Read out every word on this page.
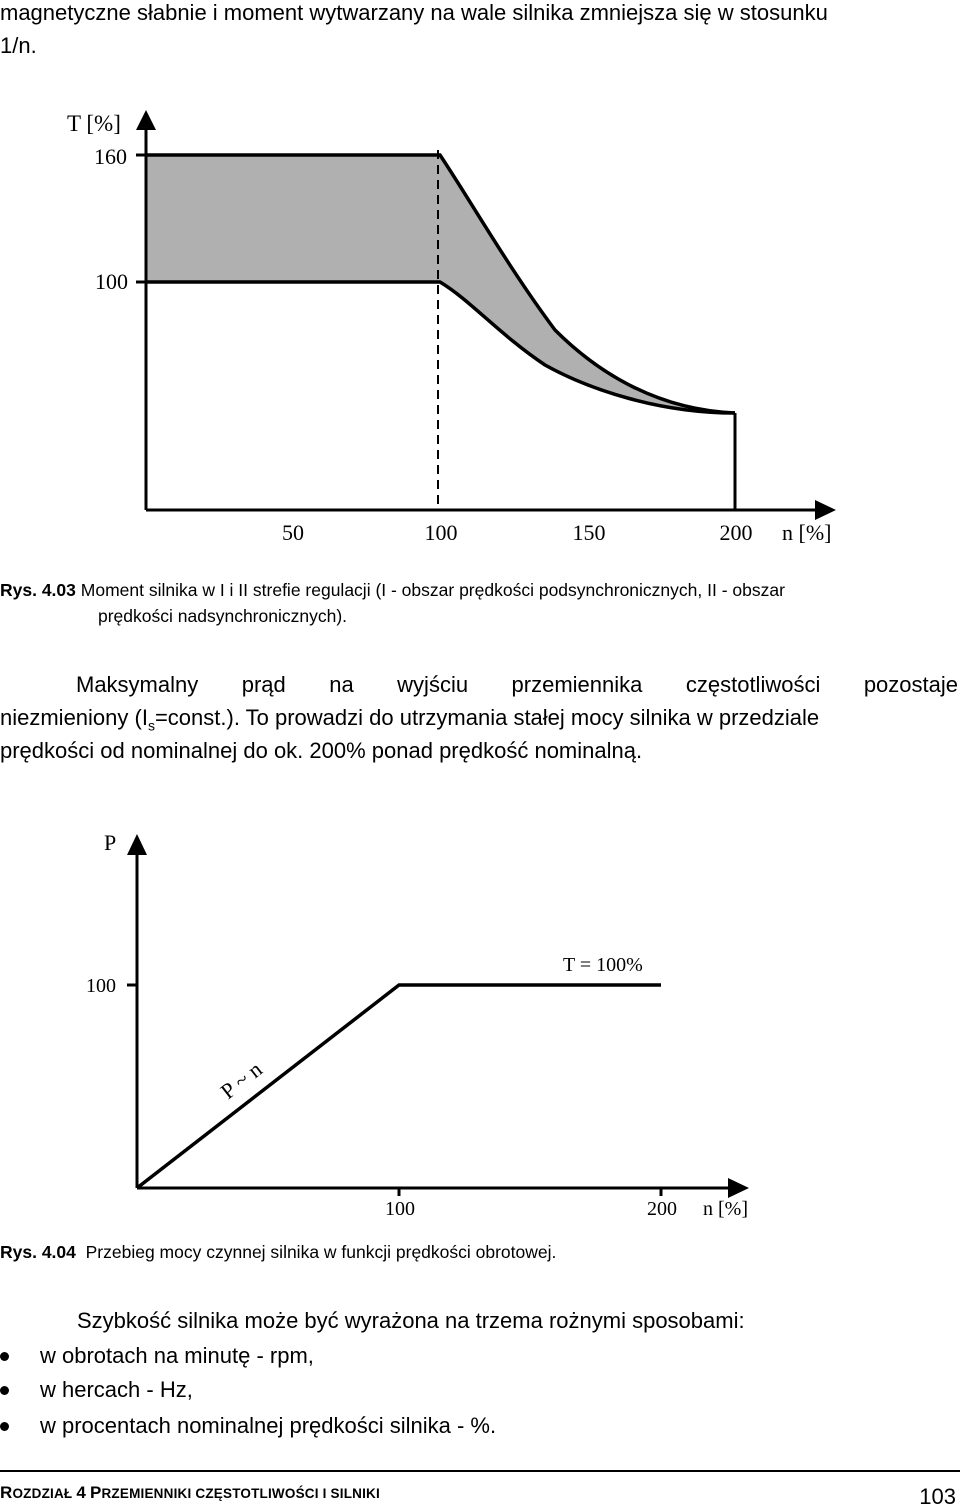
magnetyczne słabnie i moment wytwarzany na wale silnika zmniejsza się w stosunku
1/n.
T [%]
160
100
50	100	150	200 n [%]
Rys. 4.03 Moment silnika w I i II strefie regulacji (I - obszar prędkości podsynchronicznych, II - obszar
prędkości nadsynchronicznych).
Maksymalny prąd na wyjściu przemiennika częstotliwości pozostaje
niezmieniony $(I_s=const.)$. To prowadzi do utrzymania stałej mocy silnika w przedziale
prędkości od nominalnej do ok. 200% ponad prędkość nominalną.
P
100
T = 100%
P ~ n
100	200 n [%]
Rys. 4.04 Przebieg mocy czynnej silnika w funkcji prędkości obrotowej.
Szybkość silnika może być wyrażona na trzema rożnymi sposobami:
w obrotach na minutę - rpm,
w hercach - Hz,
w procentach nominalnej prędkości silnika - %.
ROZDZIAŁ 4 PRZEMIENNIKI CZĘSTOTLIWOŚCI I SILNIKI	103
